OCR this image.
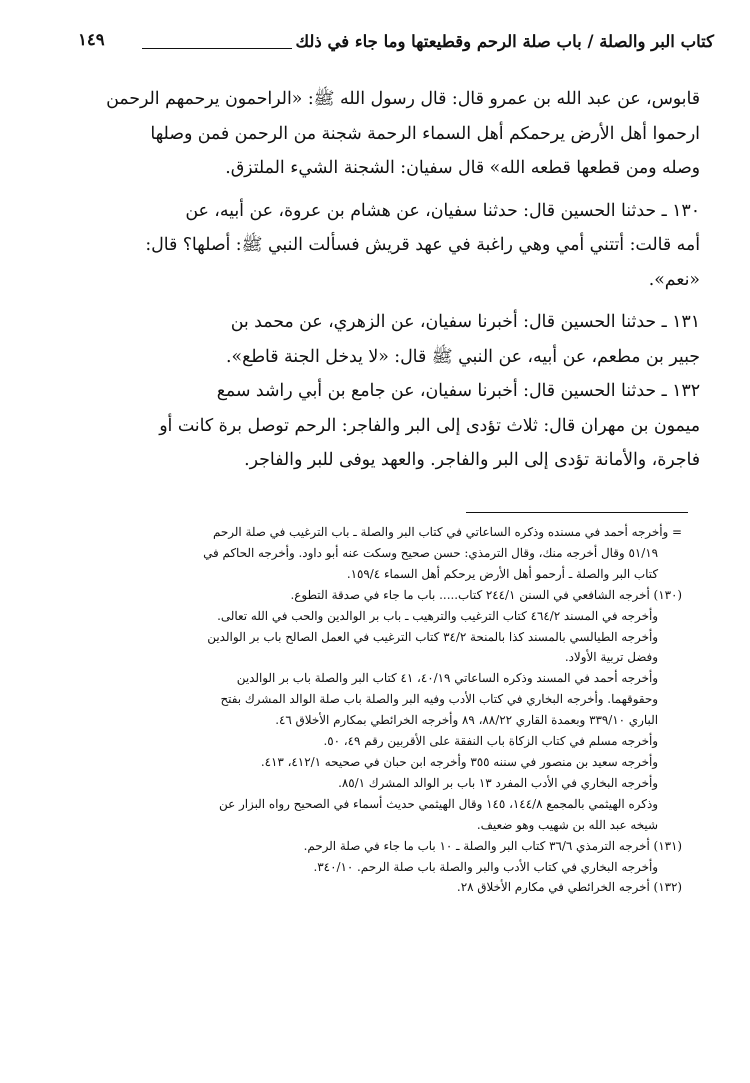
كتاب البر والصلة / باب صلة الرحم وقطيعتها وما جاء في ذلك
١٤٩

قابوس، عن عبد الله بن عمرو قال: قال رسول الله ﷺ: «الراحمون يرحمهم الرحمن

ارحموا أهل الأرض يرحمكم أهل السماء الرحمة شجنة من الرحمن فمن وصلها

وصله ومن قطعها قطعه الله» قال سفيان: الشجنة الشيء الملتزق.

١٣٠ ـ حدثنا الحسين قال: حدثنا سفيان، عن هشام بن عروة، عن أبيه، عن

أمه قالت: أتتني أمي وهي راغبة في عهد قريش فسألت النبي ﷺ: أصلها؟ قال:

«نعم».

١٣١ ـ حدثنا الحسين قال: أخبرنا سفيان، عن الزهري، عن محمد بن

جبير بن مطعم، عن أبيه، عن النبي ﷺ قال: «لا يدخل الجنة قاطع».

١٣٢ ـ حدثنا الحسين قال: أخبرنا سفيان، عن جامع بن أبي راشد سمع

ميمون بن مهران قال: ثلاث تؤدى إلى البر والفاجر: الرحم توصل برة كانت أو

فاجرة، والأمانة تؤدى إلى البر والفاجر. والعهد يوفى للبر والفاجر.

= وأخرجه أحمد في مسنده وذكره الساعاتي في كتاب البر والصلة ـ باب الترغيب في صلة الرحم

٥١/١٩ وقال أخرجه منك، وقال الترمذي: حسن صحيح وسكت عنه أبو داود. وأخرجه الحاكم في

كتاب البر والصلة ـ أرحمو أهل الأرض يرحكم أهل السماء ١٥٩/٤.

(١٣٠) أخرجه الشافعي في السنن ٢٤٤/١ كتاب..... باب ما جاء في صدقة التطوع.

وأخرجه في المسند ٤٦٤/٢ كتاب الترغيب والترهيب ـ باب بر الوالدين والحب في الله تعالى.

وأخرجه الطيالسي بالمسند كذا بالمنحة ٣٤/٢ كتاب الترغيب في العمل الصالح باب بر الوالدين

وفضل تربية الأولاد.

وأخرجه أحمد في المسند وذكره الساعاتي ٤٠/١٩، ٤١ كتاب البر والصلة باب بر الوالدين

وحقوقهما. وأخرجه البخاري في كتاب الأدب وفيه البر والصلة باب صلة الوالد المشرك بفتح

الباري ٣٣٩/١٠ وبعمدة القاري ٨٨/٢٢، ٨٩ وأخرجه الخرائطي بمكارم الأخلاق ٤٦.

وأخرجه مسلم في كتاب الزكاة باب النفقة على الأقربين رقم ٤٩، ٥٠.

وأخرجه سعيد بن منصور في سننه ٣٥٥ وأخرجه ابن حبان في صحيحه ٤١٢/١، ٤١٣.

وأخرجه البخاري في الأدب المفرد ١٣ باب بر الوالد المشرك ٨٥/١.

وذكره الهيثمي بالمجمع ١٤٤/٨، ١٤٥ وقال الهيثمي حديث أسماء في الصحيح رواه البزار عن

شيخه عبد الله بن شهيب وهو ضعيف.

(١٣١) أخرجه الترمذي ٣٦/٦ كتاب البر والصلة ـ ١٠ باب ما جاء في صلة الرحم.

وأخرجه البخاري في كتاب الأدب والبر والصلة باب صلة الرحم. ٣٤٠/١٠.

(١٣٢) أخرجه الخرائطي في مكارم الأخلاق ٢٨.
